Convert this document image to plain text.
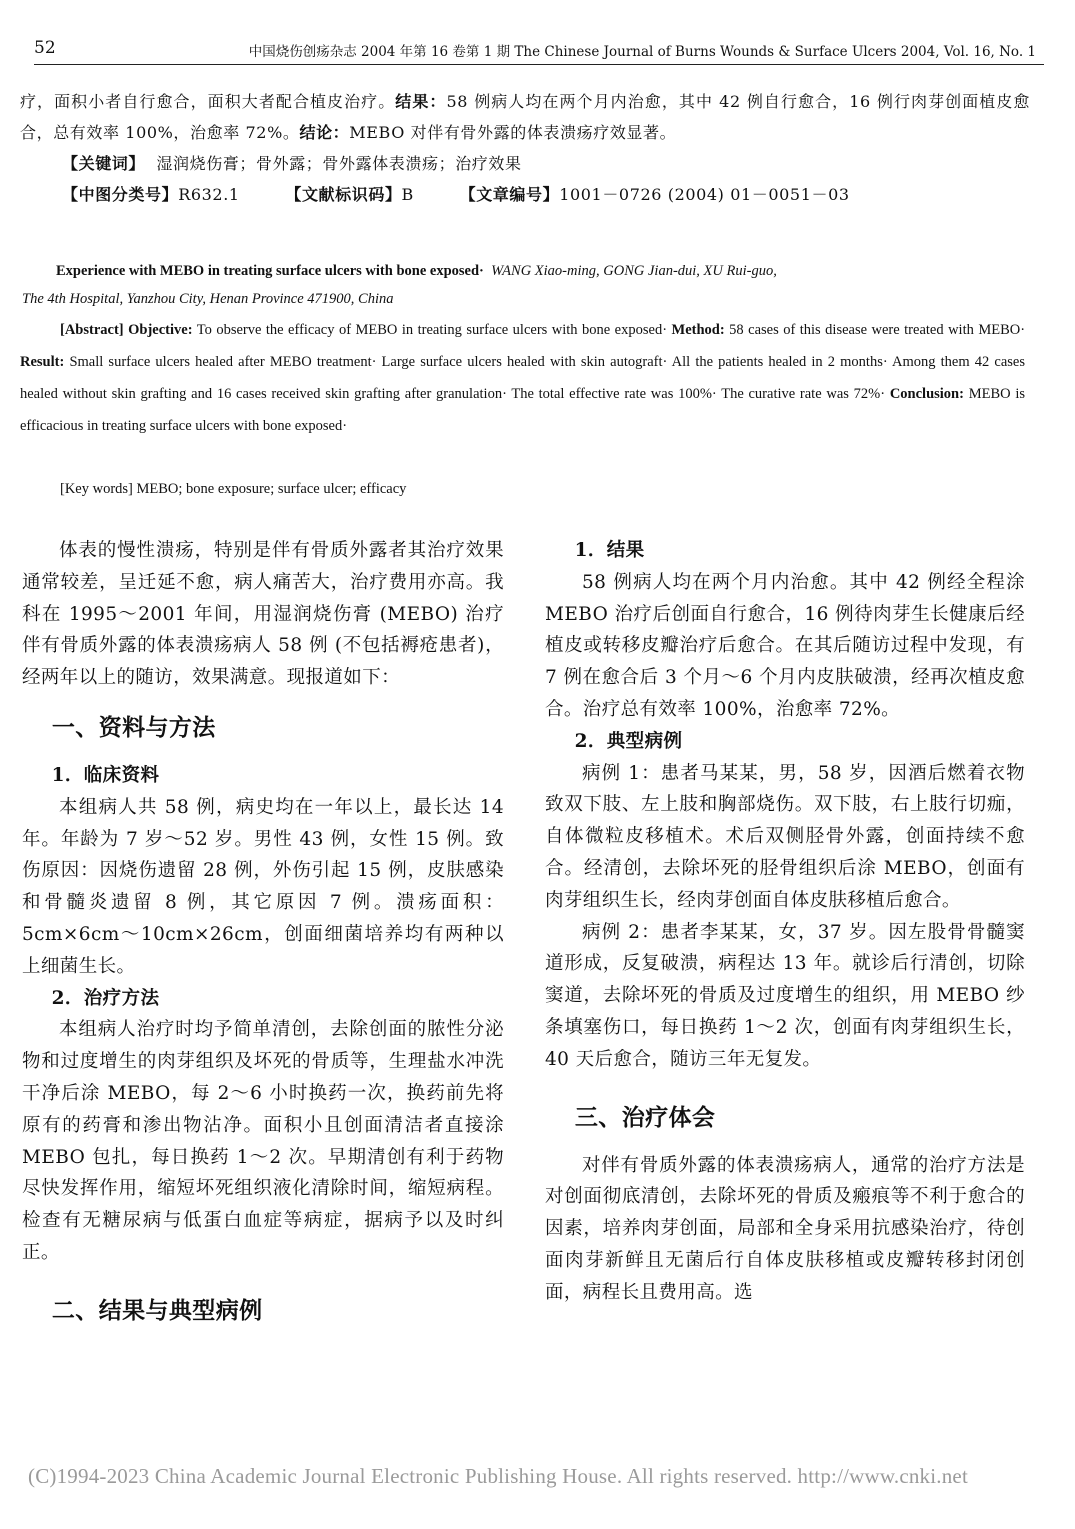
52	中国烧伤创疡杂志 2004 年第 16 卷第 1 期 The Chinese Journal of Burns Wounds & Surface Ulcers 2004, Vol. 16, No. 1
疗，面积小者自行愈合，面积大者配合植皮治疗。结果：58 例病人均在两个月内治愈，其中 42 例自行愈合，16 例行肉芽创面植皮愈合，总有效率 100%，治愈率 72%。结论：MEBO 对伴有骨外露的体表溃疡疗效显著。
【关键词】 湿润烧伤膏；骨外露；骨外露体表溃疡；治疗效果
【中图分类号】R632.1	【文献标识码】B	【文章编号】1001－0726 (2004) 01－0051－03
Experience with MEBO in treating surface ulcers with bone exposed· WANG Xiao-ming, GONG Jian-dui, XU Rui-guo,
The 4th Hospital, Yanzhou City, Henan Province 471900, China
[Abstract] Objective: To observe the efficacy of MEBO in treating surface ulcers with bone exposed· Method: 58 cases of this disease were treated with MEBO· Result: Small surface ulcers healed after MEBO treatment· Large surface ulcers healed with skin autograft· All the patients healed in 2 months· Among them 42 cases healed without skin grafting and 16 cases received skin grafting after granulation· The total effective rate was 100%· The curative rate was 72%· Conclusion: MEBO is efficacious in treating surface ulcers with bone exposed·
[Key words] MEBO; bone exposure; surface ulcer; efficacy

体表的慢性溃疡，特别是伴有骨质外露者其治疗效果通常较差，呈迁延不愈，病人痛苦大，治疗费用亦高。我科在 1995～2001 年间，用湿润烧伤膏 (MEBO) 治疗伴有骨质外露的体表溃疡病人 58 例 (不包括褥疮患者)，经两年以上的随访，效果满意。现报道如下：

一、资料与方法
1．临床资料

本组病人共 58 例，病史均在一年以上，最长达 14 年。年龄为 7 岁～52 岁。男性 43 例，女性 15 例。致伤原因：因烧伤遗留 28 例，外伤引起 15 例，皮肤感染和骨髓炎遗留 8 例，其它原因 7 例。溃疡面积：5cm×6cm～10cm×26cm，创面细菌培养均有两种以上细菌生长。

2．治疗方法

本组病人治疗时均予简单清创，去除创面的脓性分泌物和过度增生的肉芽组织及坏死的骨质等，生理盐水冲洗干净后涂 MEBO，每 2～6 小时换药一次，换药前先将原有的药膏和渗出物沾净。面积小且创面清洁者直接涂 MEBO 包扎，每日换药 1～2 次。早期清创有利于药物尽快发挥作用，缩短坏死组织液化清除时间，缩短病程。检查有无糖尿病与低蛋白血症等病症，据病予以及时纠正。

二、结果与典型病例
1．结果

58 例病人均在两个月内治愈。其中 42 例经全程涂 MEBO 治疗后创面自行愈合，16 例待肉芽生长健康后经植皮或转移皮瓣治疗后愈合。在其后随访过程中发现，有 7 例在愈合后 3 个月～6 个月内皮肤破溃，经再次植皮愈合。治疗总有效率 100%，治愈率 72%。

2．典型病例

病例 1：患者马某某，男，58 岁，因酒后燃着衣物致双下肢、左上肢和胸部烧伤。双下肢，右上肢行切痂，自体微粒皮移植术。术后双侧胫骨外露，创面持续不愈合。经清创，去除坏死的胫骨组织后涂 MEBO，创面有肉芽组织生长，经肉芽创面自体皮肤移植后愈合。

病例 2：患者李某某，女，37 岁。因左股骨骨髓窦道形成，反复破溃，病程达 13 年。就诊后行清创，切除窦道，去除坏死的骨质及过度增生的组织，用 MEBO 纱条填塞伤口，每日换药 1～2 次，创面有肉芽组织生长，40 天后愈合，随访三年无复发。

三、治疗体会

对伴有骨质外露的体表溃疡病人，通常的治疗方法是对创面彻底清创，去除坏死的骨质及瘢痕等不利于愈合的因素，培养肉芽创面，局部和全身采用抗感染治疗，待创面肉芽新鲜且无菌后行自体皮肤移植或皮瓣转移封闭创面，病程长且费用高。选

(C)1994-2023 China Academic Journal Electronic Publishing House. All rights reserved. http://www.cnki.net
